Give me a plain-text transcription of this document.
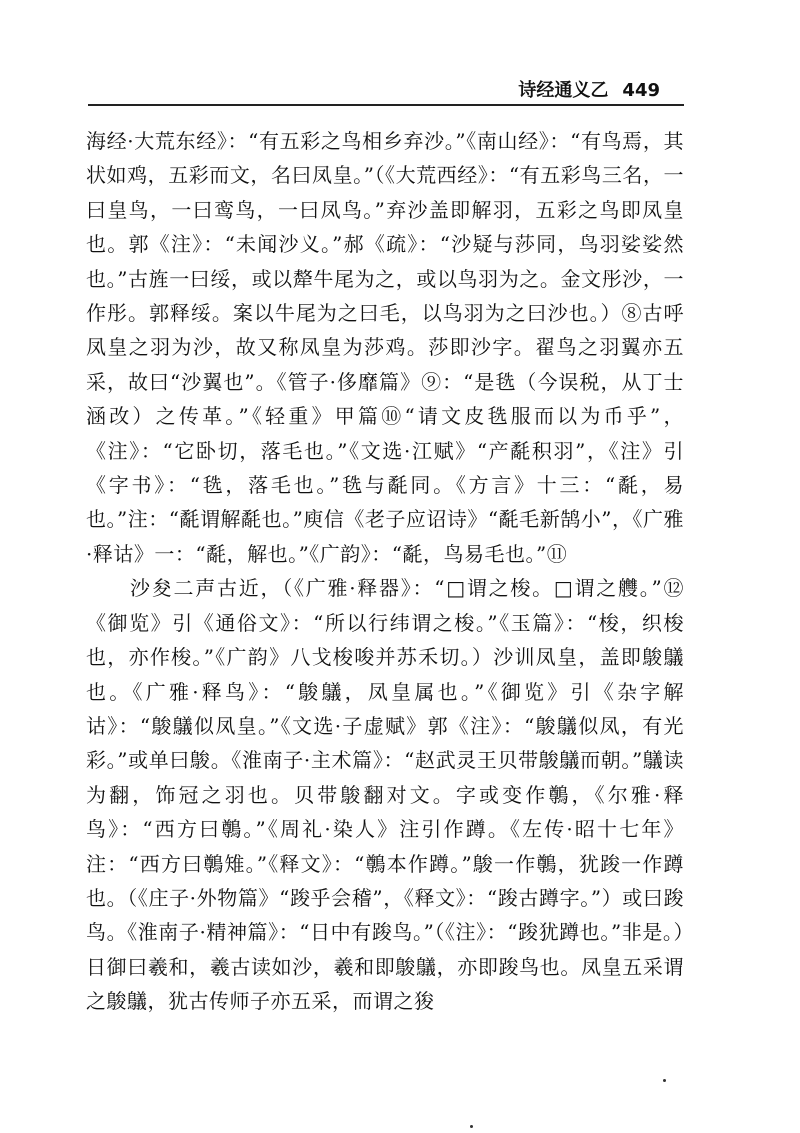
诗经通义乙 449

海经·大荒东经》：“有五彩之鸟相乡弃沙。”《南山经》：“有鸟焉，其状如鸡，五彩而文，名曰凤皇。”（《大荒西经》：“有五彩鸟三名，一曰皇鸟，一曰鸾鸟，一曰凤鸟。”弃沙盖即解羽，五彩之鸟即凤皇也。郭《注》：“未闻沙义。”郝《疏》：“沙疑与莎同，鸟羽娑娑然也。”古旌一曰绥，或以犛牛尾为之，或以鸟羽为之。金文彤沙，一作彤。郭释绥。案以牛尾为之曰毛，以鸟羽为之曰沙也。）⑧古呼凤皇之羽为沙，故又称凤皇为莎鸡。莎即沙字。翟鸟之羽翼亦五采，故曰“沙翼也”。《管子·侈靡篇》⑨：“是毨（今误税，从丁士涵改）之传革。”《轻重》甲篇⑩“请文皮毨服而以为币乎”，《注》：“它卧切，落毛也。”《文选·江赋》“产氄积羽”，《注》引《字书》：“毨，落毛也。”毨与氄同。《方言》十三：“氄，易也。”注：“氄谓解氄也。”庾信《老子应诏诗》“氄毛新鹄小”，《广雅·释诂》一：“氄，解也。”《广韵》：“氄，鸟易毛也。”⑪

沙夋二声古近，（《广雅·释器》：“□谓之梭。□谓之艭。”⑫《御览》引《通俗文》：“所以行纬谓之梭。”《玉篇》：“梭，织梭也，亦作梭。”《广韵》八戈梭唆并苏禾切。）沙训凤皇，盖即鵔鸃也。《广雅·释鸟》：“鵔鸃，凤皇属也。”《御览》引《杂字解诂》：“鵔鸃似凤皇。”《文选·子虚赋》郭《注》：“鵔鸃似凤，有光彩。”或单曰鵔。《淮南子·主术篇》：“赵武灵王贝带鵔鸃而朝。”鸃读为翻，饰冠之羽也。贝带鵔翻对文。字或变作鷷，《尔雅·释鸟》：“西方曰鷷。”《周礼·染人》注引作蹲。《左传·昭十七年》注：“西方曰鷷雉。”《释文》：“鷷本作蹲。”鵔一作鷷，犹踆一作蹲也。（《庄子·外物篇》“踆乎会稽”，《释文》：“踆古蹲字。”）或曰踆鸟。《淮南子·精神篇》：“日中有踆鸟。”（《注》：“踆犹蹲也。”非是。）日御曰羲和，羲古读如沙，羲和即鵔鸃，亦即踆鸟也。凤皇五采谓之鵔鸃，犹古传师子亦五采，而谓之狻
